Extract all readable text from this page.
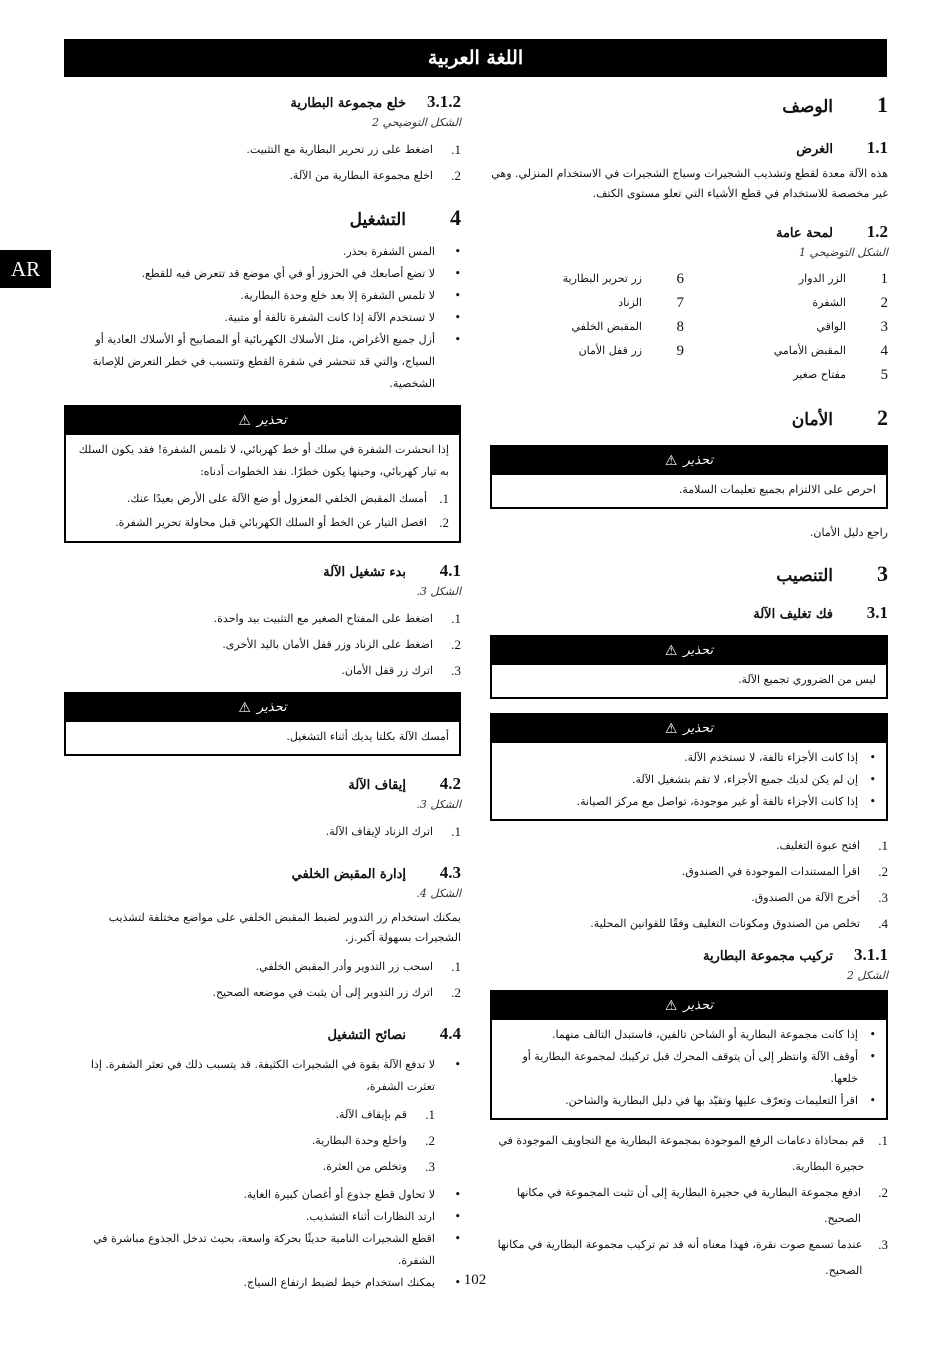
اللغة العربية
AR
1
الوصف
1.1
الغرض

هذه الآلة معدة لقطع وتشذيب الشجيرات وسياج الشجيرات في الاستخدام المنزلي. وهي غير مخصصة للاستخدام في قطع الأشياء التي تعلو مستوى الكتف.

1.2
لمحة عامة
الشكل التوضيحي 1
1
الزر الدوار
6
زر تحرير البطارية
2
الشفرة
7
الزناد
3
الواقي
8
المقبض الخلفي
4
المقبض الأمامي
9
زر قفل الأمان
5
مفتاح صغير
2
الأمان
تحذير
⚠
احرص على الالتزام بجميع تعليمات السلامة.

راجع دليل الأمان.

3
التنصيب
3.1
فك تغليف الآلة
تحذير
⚠
ليس من الضروري تجميع الآلة.
تحذير
⚠
•
إذا كانت الأجزاء تالفة، لا تستخدم الآلة.
•
إن لم يكن لديك جميع الأجزاء، لا تقم بتشغيل الآلة.
•
إذا كانت الأجزاء تالفة أو غير موجودة، تواصل مع مركز الصيانة.
1.
افتح عبوة التغليف.
2.
اقرأ المستندات الموجودة في الصندوق.
3.
أخرج الآلة من الصندوق.
4.
تخلص من الصندوق ومكونات التغليف وفقًا للقوانين المحلية.
3.1.1
تركيب مجموعة البطارية
الشكل 2
تحذير
⚠
•
إذا كانت مجموعة البطارية أو الشاحن تالفين، فاستبدل التالف منهما.
•
أوقف الآلة وانتظر إلى أن يتوقف المحرك قبل تركيبك لمجموعة البطارية أو خلعها.
•
اقرأ التعليمات وتعرّف عليها وتقيّد بها في دليل البطارية والشاحن.
1.
قم بمحاذاة دعامات الرفع الموجودة بمجموعة البطارية مع التجاويف الموجودة في حجيرة البطارية.
2.
ادفع مجموعة البطارية في حجيرة البطارية إلى أن تثبت المجموعة في مكانها الصحيح.
3.
عندما تسمع صوت نقرة، فهذا معناه أنه قد تم تركيب مجموعة البطارية في مكانها الصحيح.
3.1.2
خلع مجموعة البطارية
الشكل التوضيحي 2
1.
اضغط على زر تحرير البطارية مع التثبيت.
2.
اخلع مجموعة البطارية من الآلة.
4
التشغيل
•
المس الشفرة بحذر.
•
لا تضع أصابعك في الحزوز أو في أي موضع قد تتعرض فيه للقطع.
•
لا تلمس الشفرة إلا بعد خلع وحدة البطارية.
•
لا تستخدم الآلة إذا كانت الشفرة تالفة أو متبية.
•
أزل جميع الأغراض، مثل الأسلاك الكهربائية أو المصابيح أو الأسلاك العادية أو السياج، والتي قد تنحشر في شفرة القطع وتتسبب في خطر التعرض للإصابة الشخصية.
تحذير
⚠
إذا انحشرت الشفرة في سلك أو خط كهربائي، لا تلمس الشفرة! فقد يكون السلك به تيار كهربائي، وحينها يكون خطرًا. نفذ الخطوات أدناه:
1.
أمسك المقبض الخلفي المعزول أو ضع الآلة على الأرض بعيدًا عنك.
2.
افصل التيار عن الخط أو السلك الكهربائي قبل محاولة تحرير الشفرة.
4.1
بدء تشغيل الآلة
الشكل 3.
1.
اضغط على المفتاح الصغير مع التثبيت بيد واحدة.
2.
اضغط على الزناد وزر قفل الأمان باليد الأخرى.
3.
اترك زر قفل الأمان.
تحذير
⚠
أمسك الآلة بكلتا يديك أثناء التشغيل.
4.2
إيقاف الآلة
الشكل 3.
1.
اترك الزناد لإيقاف الآلة.
4.3
إدارة المقبض الخلفي
الشكل 4.

يمكنك استخدام زر التدوير لضبط المقبض الخلفي على مواضع مختلفة لتشذيب الشجيرات بسهولة أكبر.ز.

1.
اسحب زر التدوير وأدر المقبض الخلفي.
2.
اترك زر التدوير إلى أن يثبت في موضعه الصحيح.
4.4
نصائح التشغيل
•
لا تدفع الآلة بقوة في الشجيرات الكثيفة. قد يتسبب ذلك في تعثر الشفرة. إذا تعثرت الشفرة،
1.
قم بإيقاف الآلة.
2.
واخلع وحدة البطارية.
3.
وتخلص من العثرة.
•
لا تحاول قطع جذوع أو أغصان كبيرة الغاية.
•
ارتد النظارات أثناء التشذيب.
•
اقطع الشجيرات النامية حديثًا بحركة واسعة، بحيث تدخل الجذوع مباشرة في الشفرة.
•
يمكنك استخدام خيط لضبط ارتفاع السياج.	102
